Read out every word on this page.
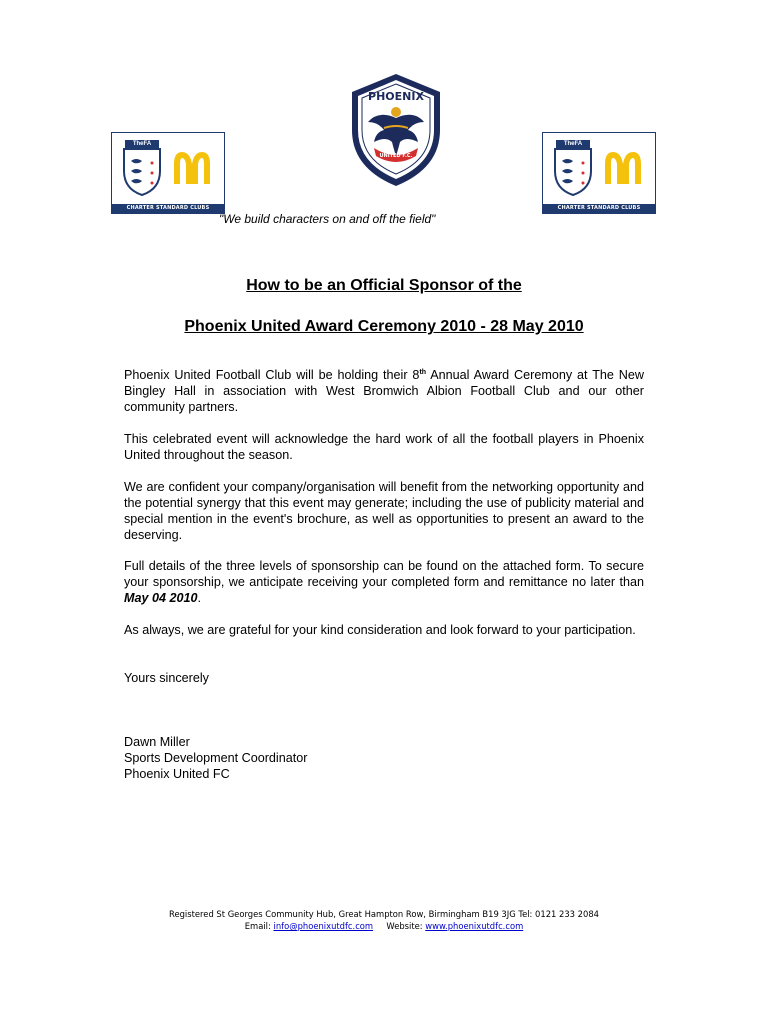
TheFA
CHARTER STANDARD CLUBS
TheFA
CHARTER STANDARD CLUBS
PHOENIX
UNITED F.C.
"We build characters on and off the field"
How to be an Official Sponsor of the
Phoenix United Award Ceremony 2010 - 28 May 2010
Phoenix United Football Club will be holding their 8th Annual Award Ceremony at The New Bingley Hall in association with West Bromwich Albion Football Club and our other community partners.
This celebrated event will acknowledge the hard work of all the football players in Phoenix United throughout the season.
We are confident your company/organisation will benefit from the networking opportunity and the potential synergy that this event may generate; including the use of publicity material and special mention in the event's brochure, as well as opportunities to present an award to the deserving.
Full details of the three levels of sponsorship can be found on the attached form. To secure your sponsorship, we anticipate receiving your completed form and remittance no later than May 04 2010.
As always, we are grateful for your kind consideration and look forward to your participation.
Yours sincerely
Dawn Miller
Sports Development Coordinator
Phoenix United FC
Registered St Georges Community Hub, Great Hampton Row, Birmingham B19 3JG Tel: 0121 233 2084
Email: info@phoenixutdfc.com Website: www.phoenixutdfc.com
